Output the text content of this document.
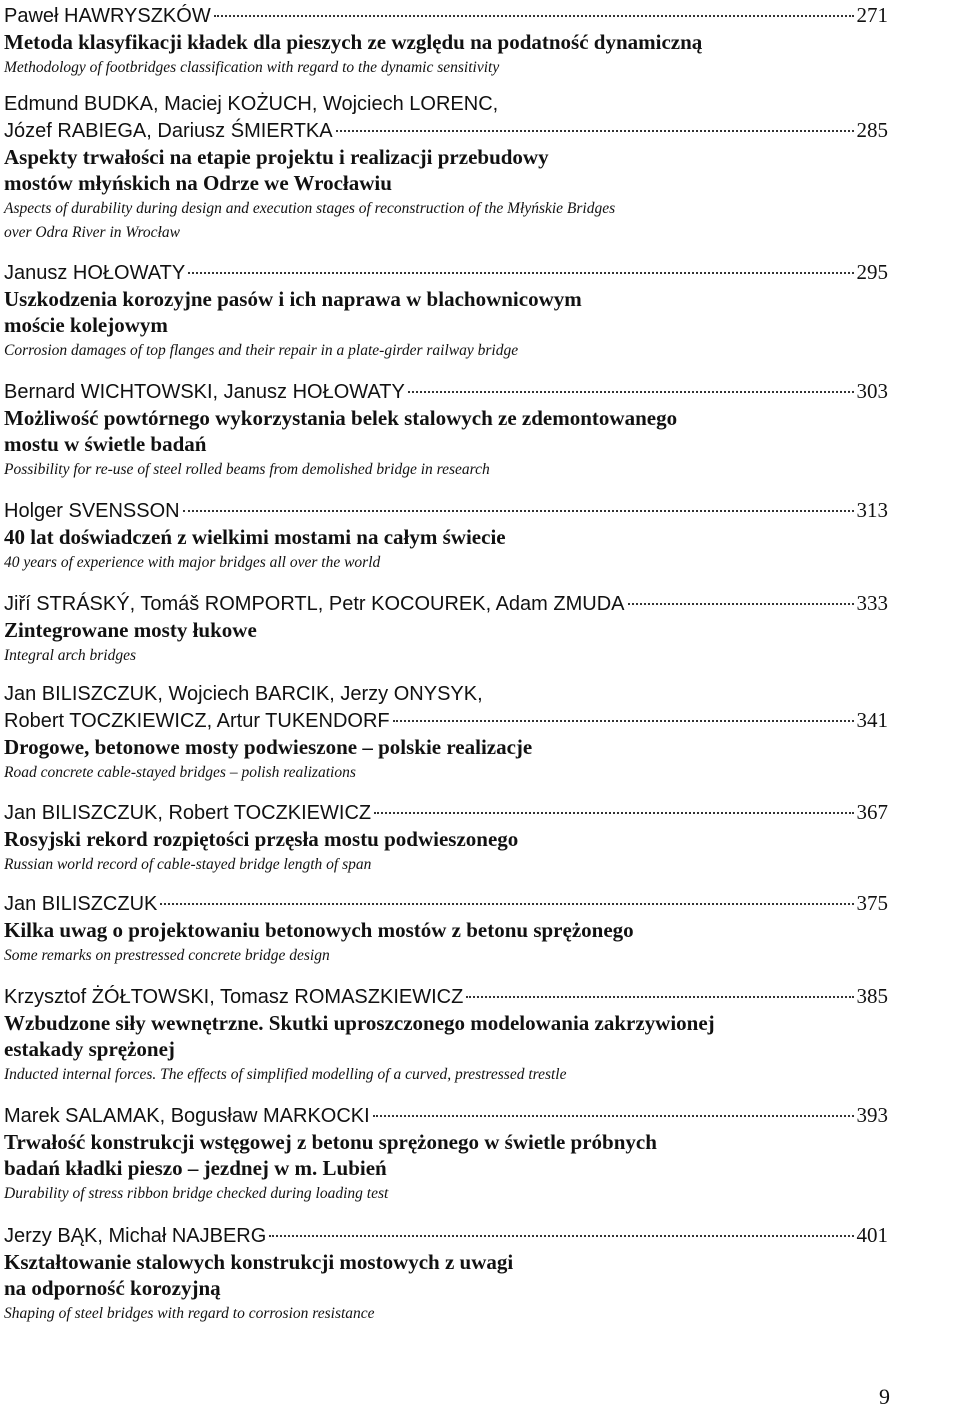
Paweł HAWRYSZKÓW	271
Metoda klasyfikacji kładek dla pieszych ze względu na podatność dynamiczną
Methodology of footbridges classification with regard to the dynamic sensitivity
Edmund BUDKA, Maciej KOŻUCH, Wojciech LORENC,
Józef RABIEGA, Dariusz ŚMIERTKA	285
Aspekty trwałości na etapie projektu i realizacji przebudowy
mostów młyńskich na Odrze we Wrocławiu
Aspects of durability during design and execution stages of reconstruction of the Młyńskie Bridges
over Odra River in Wrocław
Janusz HOŁOWATY	295
Uszkodzenia korozyjne pasów i ich naprawa w blachownicowym
moście kolejowym
Corrosion damages of top flanges and their repair in a plate-girder railway bridge
Bernard WICHTOWSKI, Janusz HOŁOWATY	303
Możliwość powtórnego wykorzystania belek stalowych ze zdemontowanego
mostu w świetle badań
Possibility for re-use of steel rolled beams from demolished bridge in research
Holger SVENSSON	313
40 lat doświadczeń z wielkimi mostami na całym świecie
40 years of experience with major bridges all over the world
Jiří STRÁSKÝ, Tomáš ROMPORTL, Petr KOCOUREK, Adam ZMUDA	333
Zintegrowane mosty łukowe
Integral arch bridges
Jan BILISZCZUK, Wojciech BARCIK, Jerzy ONYSYK,
Robert TOCZKIEWICZ, Artur TUKENDORF	341
Drogowe, betonowe mosty podwieszone – polskie realizacje
Road concrete cable-stayed bridges – polish realizations
Jan BILISZCZUK, Robert TOCZKIEWICZ	367
Rosyjski rekord rozpiętości przęsła mostu podwieszonego
Russian world record of cable-stayed bridge length of span
Jan BILISZCZUK	375
Kilka uwag o projektowaniu betonowych mostów z betonu sprężonego
Some remarks on prestressed concrete bridge design
Krzysztof ŻÓŁTOWSKI, Tomasz ROMASZKIEWICZ	385
Wzbudzone siły wewnętrzne. Skutki uproszczonego modelowania zakrzywionej
estakady sprężonej
Inducted internal forces. The effects of simplified modelling of a curved, prestressed trestle
Marek SALAMAK, Bogusław MARKOCKI	393
Trwałość konstrukcji wstęgowej z betonu sprężonego w świetle próbnych
badań kładki pieszo – jezdnej w m. Lubień
Durability of stress ribbon bridge checked during loading test
Jerzy BĄK, Michał NAJBERG	401
Kształtowanie stalowych konstrukcji mostowych z uwagi
na odporność korozyjną
Shaping of steel bridges with regard to corrosion resistance
9
